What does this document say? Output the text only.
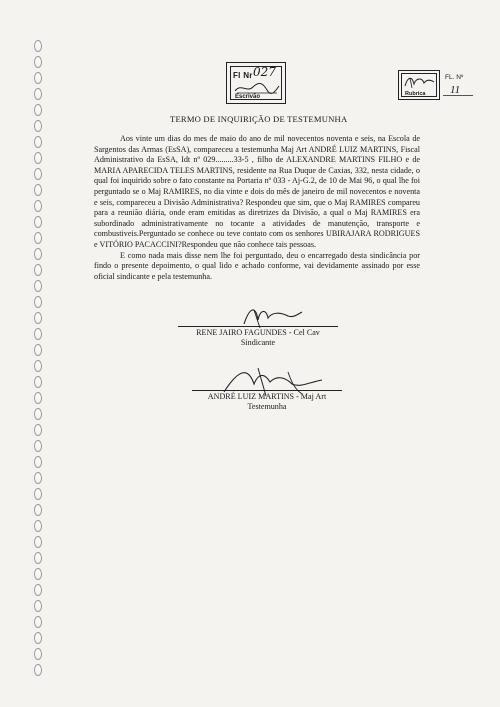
Fl Nr 027
Escrivão	Rubrica
FL. Nº
11
TERMO DE INQUIRIÇÃO DE TESTEMUNHA

Aos vinte um dias do mes de maio do ano de mil novecentos noventa e seis, na Escola de Sargentos das Armas (EsSA), compareceu a testemunha Maj Art ANDRÉ LUIZ MARTINS, Fiscal Administrativo da EsSA, Idt nº 029.........33-5 , filho de ALEXANDRE MARTINS FILHO e de MARIA APARECIDA TELES MARTINS, residente na Rua Duque de Caxias, 332, nesta cidade, o qual foi inquirido sobre o fato constante na Portaria nº 033 - Aj-G.2, de 10 de Mai 96, o qual lhe foi perguntado se o Maj RAMIRES, no dia vinte e dois do mês de janeiro de mil novecentos e noventa e seis, compareceu a Divisão Administrativa? Respondeu que sim, que o Maj RAMIRES compareu para a reunião diária, onde eram emitidas as diretrizes da Divisão, a qual o Maj RAMIRES era subordinado administrativamente no tocante a atividades de manutenção, transporte e combustiveis.Perguntado se conhece ou teve contato com os senhores UBIRAJARA RODRIGUES e VITÓRIO PACACCINI?Respondeu que não conhece tais pessoas.

E como nada mais disse nem lhe foi perguntado, deu o encarregado desta sindicância por findo o presente depoimento, o qual lido e achado conforme, vai devidamente assinado por esse oficial sindicante e pela testemunha.

RENE JAIRO FAGUNDES - Cel Cav
Sindicante
ANDRÉ LUIZ MARTINS - Maj Art
Testemunha
